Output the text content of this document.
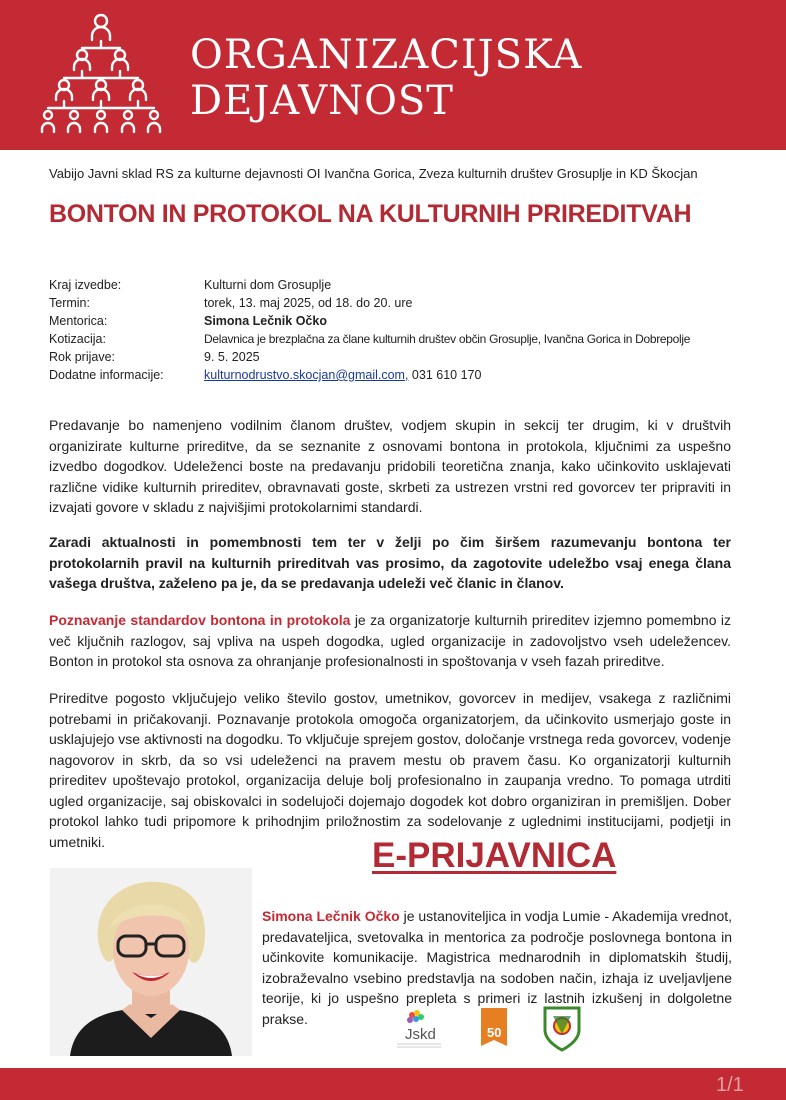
ORGANIZACIJSKA
DEJAVNOST
Vabijo Javni sklad RS za kulturne dejavnosti OI Ivančna Gorica, Zveza kulturnih društev Grosuplje in KD Škocjan
BONTON IN PROTOKOL NA KULTURNIH PRIREDITVAH
Kraj izvedbe:	Kulturni dom Grosuplje
Termin:	torek, 13. maj 2025, od 18. do 20. ure
Mentorica:	Simona Lečnik Očko
Kotizacija:	Delavnica je brezplačna za člane kulturnih društev občin Grosuplje, Ivančna Gorica in Dobrepolje
Rok prijave:	9. 5. 2025
Dodatne informacije:	kulturnodrustvo.skocjan@gmail.com, 031 610 170
Predavanje bo namenjeno vodilnim članom društev, vodjem skupin in sekcij ter drugim, ki v društvih organizirate kulturne prireditve, da se seznanite z osnovami bontona in protokola, ključnimi za uspešno izvedbo dogodkov. Udeleženci boste na predavanju pridobili teoretična znanja, kako učinkovito usklajevati različne vidike kulturnih prireditev, obravnavati goste, skrbeti za ustrezen vrstni red govorcev ter pripraviti in izvajati govore v skladu z najvišjimi protokolarnimi standardi.
Zaradi aktualnosti in pomembnosti tem ter v želji po čim širšem razumevanju bontona ter protokolarnih pravil na kulturnih prireditvah vas prosimo, da zagotovite udeležbo vsaj enega člana vašega društva, zaželeno pa je, da se predavanja udeleži več članic in članov.
Poznavanje standardov bontona in protokola je za organizatorje kulturnih prireditev izjemno pomembno iz več ključnih razlogov, saj vpliva na uspeh dogodka, ugled organizacije in zadovoljstvo vseh udeležencev. Bonton in protokol sta osnova za ohranjanje profesionalnosti in spoštovanja v vseh fazah prireditve.
Prireditve pogosto vključujejo veliko število gostov, umetnikov, govorcev in medijev, vsakega z različnimi potrebami in pričakovanji. Poznavanje protokola omogoča organizatorjem, da učinkovito usmerjajo goste in usklajujejo vse aktivnosti na dogodku. To vključuje sprejem gostov, določanje vrstnega reda govorcev, vodenje nagovorov in skrb, da so vsi udeleženci na pravem mestu ob pravem času. Ko organizatorji kulturnih prireditev upoštevajo protokol, organizacija deluje bolj profesionalno in zaupanja vredno. To pomaga utrditi ugled organizacije, saj obiskovalci in sodelujoči dojemajo dogodek kot dobro organiziran in premišljen. Dober protokol lahko tudi pripomore k prihodnjim priložnostim za sodelovanje z uglednimi institucijami, podjetji in umetniki.	E-PRIJAVNICA
Simona Lečnik Očko je ustanoviteljica in vodja Lumie - Akademija vrednot, predavateljica, svetovalka in mentorica za področje poslovnega bontona in učinkovite komunikacije. Magistrica mednarodnih in diplomatskih študij, izobraževalno vsebino predstavlja na sodoben način, izhaja iz uveljavljene teorije, ki jo uspešno prepleta s primeri iz lastnih izkušenj in dolgoletne prakse.
Jskd	50
1/1
